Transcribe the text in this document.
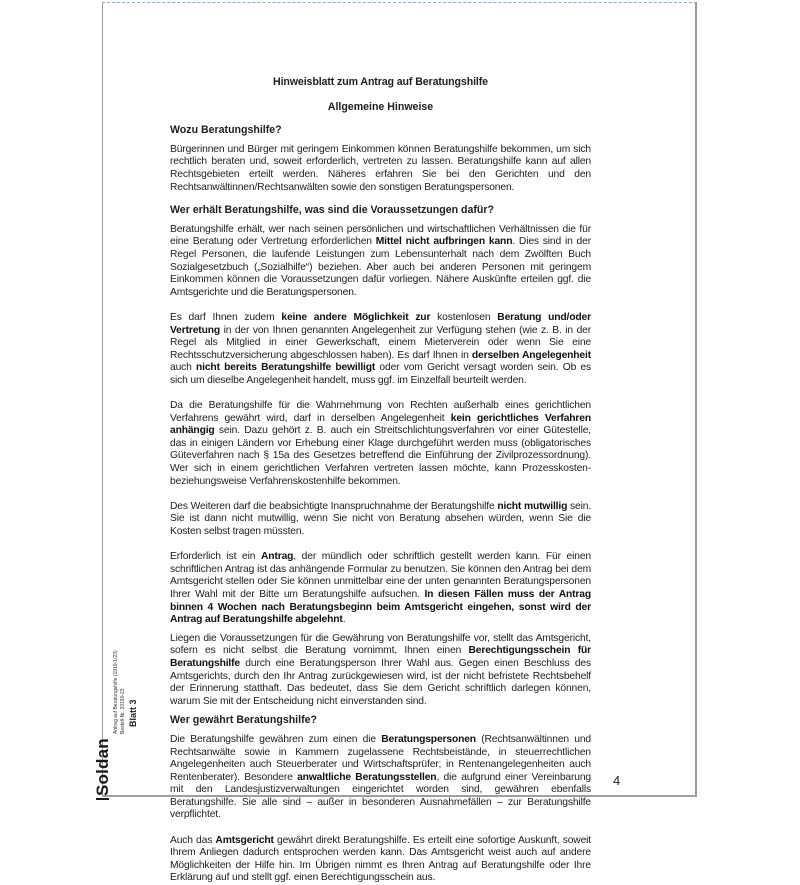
Hinweisblatt zum Antrag auf Beratungshilfe
Allgemeine Hinweise
Wozu Beratungshilfe?

Bürgerinnen und Bürger mit geringem Einkommen können Beratungshilfe bekommen, um sich rechtlich beraten und, soweit erforderlich, vertreten zu lassen. Beratungshilfe kann auf allen Rechtsgebieten erteilt werden. Näheres erfahren Sie bei den Gerichten und den Rechtsanwältinnen/Rechtsanwälten sowie den sonstigen Beratungspersonen.

Wer erhält Beratungshilfe, was sind die Voraussetzungen dafür?

Beratungshilfe erhält, wer nach seinen persönlichen und wirtschaftlichen Verhältnissen die für eine Beratung oder Vertretung erforderlichen Mittel nicht aufbringen kann. Dies sind in der Regel Personen, die laufende Leistungen zum Lebensunterhalt nach dem Zwölften Buch Sozialgesetzbuch („Sozialhilfe“) beziehen. Aber auch bei anderen Personen mit geringem Einkommen können die Voraussetzungen dafür vorliegen. Nähere Auskünfte erteilen ggf. die Amtsgerichte und die Beratungspersonen.

Es darf Ihnen zudem keine andere Möglichkeit zur kostenlosen Beratung und/oder Vertretung in der von Ihnen genannten Angelegenheit zur Verfügung stehen (wie z. B. in der Regel als Mitglied in einer Gewerkschaft, einem Mieterverein oder wenn Sie eine Rechtsschutzversicherung abgeschlossen haben). Es darf Ihnen in derselben Angelegenheit auch nicht bereits Beratungshilfe bewilligt oder vom Gericht versagt worden sein. Ob es sich um dieselbe Angelegenheit handelt, muss ggf. im Einzelfall beurteilt werden.

Da die Beratungshilfe für die Wahrnehmung von Rechten außerhalb eines gerichtlichen Verfahrens gewährt wird, darf in derselben Angelegenheit kein gerichtliches Verfahren anhängig sein. Dazu gehört z. B. auch ein Streitschlichtungsverfahren vor einer Gütestelle, das in einigen Ländern vor Erhebung einer Klage durchgeführt werden muss (obligatorisches Güteverfahren nach § 15a des Gesetzes betreffend die Einführung der Zivilprozessordnung). Wer sich in einem gerichtlichen Verfahren vertreten lassen möchte, kann Prozesskosten-beziehungsweise Verfahrenskostenhilfe bekommen.

Des Weiteren darf die beabsichtigte Inanspruchnahme der Beratungshilfe nicht mutwillig sein. Sie ist dann nicht mutwillig, wenn Sie nicht von Beratung absehen würden, wenn Sie die Kosten selbst tragen müssten.

Erforderlich ist ein Antrag, der mündlich oder schriftlich gestellt werden kann. Für einen schriftlichen Antrag ist das anhängende Formular zu benutzen. Sie können den Antrag bei dem Amtsgericht stellen oder Sie können unmittelbar eine der unten genannten Beratungspersonen Ihrer Wahl mit der Bitte um Beratungshilfe aufsuchen. In diesen Fällen muss der Antrag binnen 4 Wochen nach Beratungsbeginn beim Amtsgericht eingehen, sonst wird der Antrag auf Beratungshilfe abgelehnt.

Liegen die Voraussetzungen für die Gewährung von Beratungshilfe vor, stellt das Amtsgericht, sofern es nicht selbst die Beratung vornimmt, Ihnen einen Berechtigungsschein für Beratungshilfe durch eine Beratungsperson Ihrer Wahl aus. Gegen einen Beschluss des Amtsgerichts, durch den Ihr Antrag zurückgewiesen wird, ist der nicht befristete Rechtsbehelf der Erinnerung statthaft. Das bedeutet, dass Sie dem Gericht schriftlich darlegen können, warum Sie mit der Entscheidung nicht einverstanden sind.

Wer gewährt Beratungshilfe?

Die Beratungshilfe gewähren zum einen die Beratungspersonen (Rechtsanwältinnen und Rechtsanwälte sowie in Kammern zugelassene Rechtsbeistände, in steuerrechtlichen Angelegenheiten auch Steuerberater und Wirtschaftsprüfer; in Rentenangelegenheiten auch Rentenberater). Besondere anwaltliche Beratungsstellen, die aufgrund einer Vereinbarung mit den Landesjustizverwaltungen eingerichtet worden sind, gewähren ebenfalls Beratungshilfe. Sie alle sind – außer in besonderen Ausnahmefällen – zur Beratungshilfe verpflichtet.

Auch das Amtsgericht gewährt direkt Beratungshilfe. Es erteilt eine sofortige Auskunft, soweit Ihrem Anliegen dadurch entsprochen werden kann. Das Amtsgericht weist auch auf andere Möglichkeiten der Hilfe hin. Im Übrigen nimmt es Ihren Antrag auf Beratungshilfe oder Ihre Erklärung auf und stellt ggf. einen Berechtigungsschein aus.

4
Soldan
Antrag auf Beratungshilfe (1919-1/23) Bestell-Nr. 33190-23 Blatt 3
